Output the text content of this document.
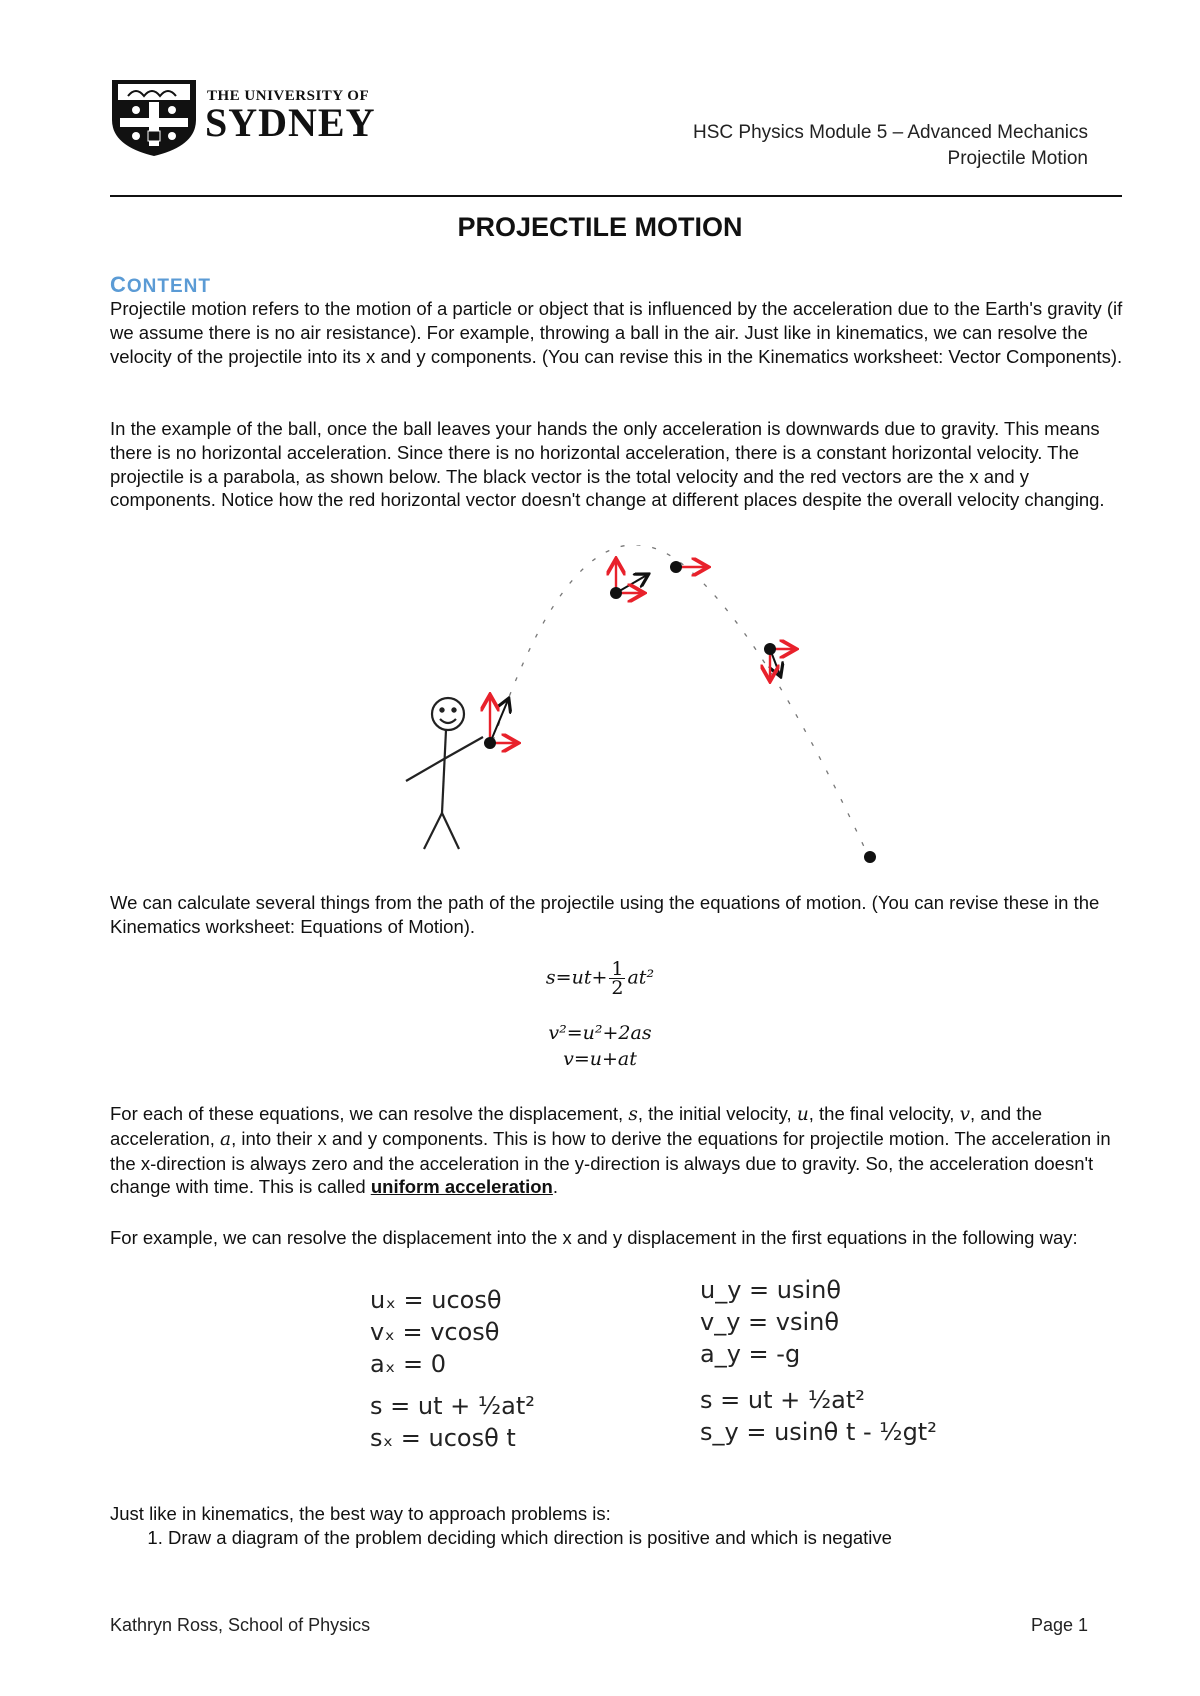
THE UNIVERSITY OF
SYDNEY	HSC Physics Module 5 – Advanced Mechanics
Projectile Motion
PROJECTILE MOTION
CONTENT
Projectile motion refers to the motion of a particle or object that is influenced by the acceleration due to the Earth's gravity (if we assume there is no air resistance). For example, throwing a ball in the air. Just like in kinematics, we can resolve the velocity of the projectile into its x and y components. (You can revise this in the Kinematics worksheet: Vector Components).
In the example of the ball, once the ball leaves your hands the only acceleration is downwards due to gravity. This means there is no horizontal acceleration. Since there is no horizontal acceleration, there is a constant horizontal velocity. The projectile is a parabola, as shown below. The black vector is the total velocity and the red vectors are the x and y components. Notice how the red horizontal vector doesn't change at different places despite the overall velocity changing.
We can calculate several things from the path of the projectile using the equations of motion. (You can revise these in the Kinematics worksheet: Equations of Motion).
$s=ut+ \frac{1}{2} at^2$
v²=u²+2as
v=u+at
For each of these equations, we can resolve the displacement, s, the initial velocity, u, the final velocity, v, and the acceleration, a, into their x and y components. This is how to derive the equations for projectile motion. The acceleration in the x-direction is always zero and the acceleration in the y-direction is always due to gravity. So, the acceleration doesn't change with time. This is called uniform acceleration.
For example, we can resolve the displacement into the x and y displacement in the first equations in the following way:
uₓ = ucosθ
vₓ = vcosθ
aₓ = 0
s = ut + ½at²
sₓ = ucosθ t
u_y = usinθ
v_y = vsinθ
a_y = -g
s = ut + ½at²
s_y = usinθ t - ½gt²
Just like in kinematics, the best way to approach problems is:
1. Draw a diagram of the problem deciding which direction is positive and which is negative
Kathryn Ross, School of Physics	Page 1
